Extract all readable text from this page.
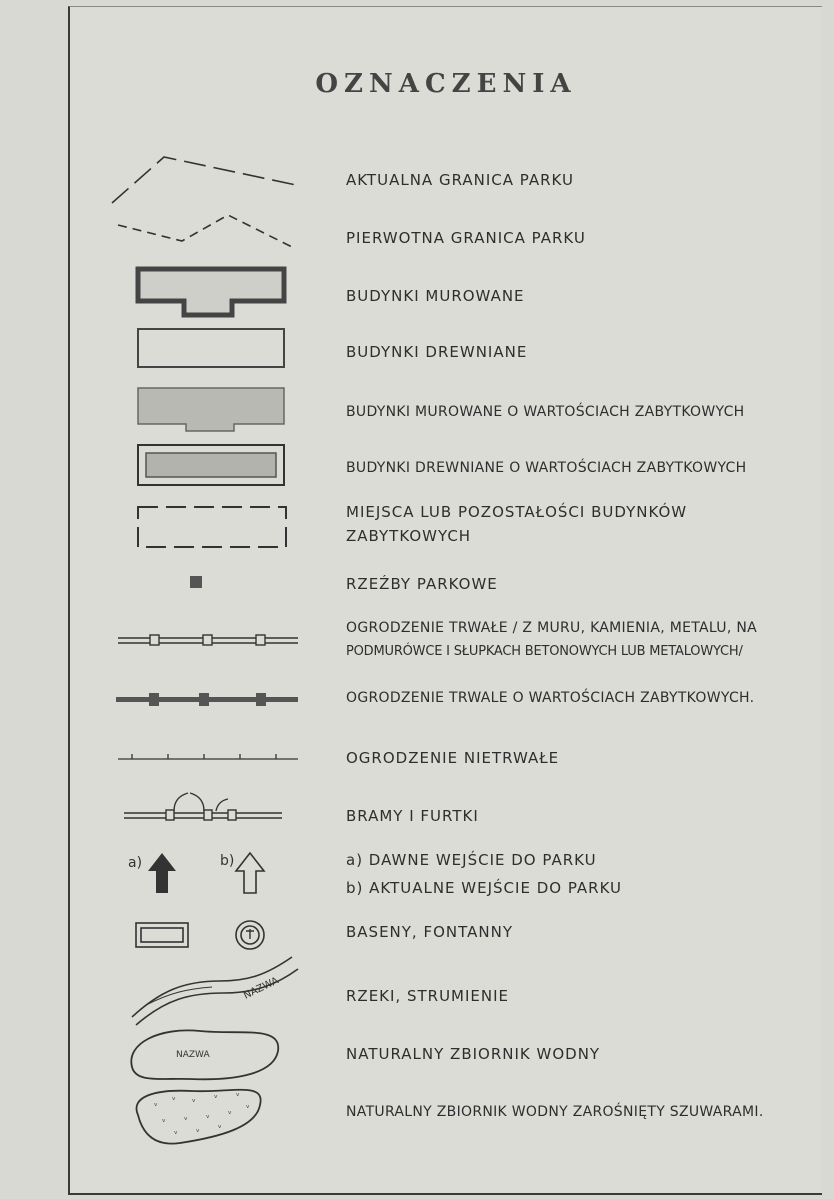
OZNACZENIA
a)	b)
NAZWA
NAZWA
ᵛ
ᵛ ᵛ ᵛ ᵛ
ᵛ ᵛ ᵛ ᵛ
ᵛ
ᵛ ᵛ ᵛ
AKTUALNA GRANICA PARKU
PIERWOTNA GRANICA PARKU
BUDYNKI MUROWANE
BUDYNKI DREWNIANE
BUDYNKI MUROWANE O WARTOŚCIACH ZABYTKOWYCH
BUDYNKI DREWNIANE O WARTOŚCIACH ZABYTKOWYCH
MIEJSCA LUB POZOSTAŁOŚCI BUDYNKÓW
ZABYTKOWYCH
RZEŹBY PARKOWE
OGRODZENIE TRWAŁE / Z MURU, KAMIENIA, METALU, NA
PODMURÓWCE I SŁUPKACH BETONOWYCH LUB METALOWYCH/
OGRODZENIE TRWALE O WARTOŚCIACH ZABYTKOWYCH.
OGRODZENIE NIETRWAŁE
BRAMY I FURTKI
a) DAWNE WEJŚCIE DO PARKU
b) AKTUALNE WEJŚCIE DO PARKU
BASENY, FONTANNY
RZEKI, STRUMIENIE
NATURALNY ZBIORNIK WODNY
NATURALNY ZBIORNIK WODNY ZAROŚNIĘTY SZUWARAMI.
